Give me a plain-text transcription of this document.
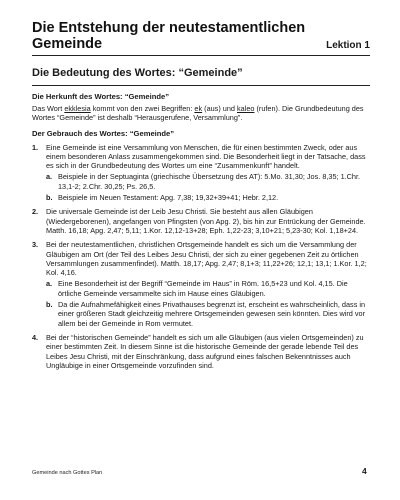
Die Entstehung der neutestamentlichen
Gemeinde	Lektion 1
Die Bedeutung des Wortes: “Gemeinde”
Die Herkunft des Wortes: “Gemeinde”

Das Wort ekklesia kommt von den zwei Begriffen: ek (aus) und kaleo (rufen). Die Grundbedeutung des Wortes “Gemeinde” ist deshalb “Herausgerufene, Versammlung”.

Der Gebrauch des Wortes: “Gemeinde”
1. Eine Gemeinde ist eine Versammlung von Menschen, die für einen bestimmten Zweck, oder aus einem besonderen Anlass zusammengekommen sind. Die Besonderheit liegt in der Tatsache, dass es sich in der Grundbedeutung des Wortes um eine “Zusammenkunft” handelt.
a. Beispiele in der Septuaginta (griechische Übersetzung des AT): 5.Mo. 31,30; Jos. 8,35; 1.Chr. 13,1-2; 2.Chr. 30,25; Ps. 26,5.
b. Beispiele im Neuen Testament: Apg. 7,38; 19,32+39+41; Hebr. 2,12.
2. Die universale Gemeinde ist der Leib Jesu Christi. Sie besteht aus allen Gläubigen (Wiedergeborenen), angefangen von Pfingsten (von Apg. 2), bis hin zur Entrückung der Gemeinde. Matth. 16,18; Apg. 2,47; 5,11; 1.Kor. 12,12-13+28; Eph. 1,22-23; 3,10+21; 5,23-30; Kol. 1,18+24.
3. Bei der neutestamentlichen, christlichen Ortsgemeinde handelt es sich um die Versammlung der Gläubigen am Ort (der Teil des Leibes Jesu Christi, der sich zu einer gegebenen Zeit zu örtlichen Versammlungen zusammenfindet). Matth. 18,17; Apg. 2,47; 8,1+3; 11,22+26; 12,1; 13,1; 1.Kor. 1,2; Kol. 4,16.
a. Eine Besonderheit ist der Begriff “Gemeinde im Haus” in Röm. 16,5+23 und Kol. 4,15. Die örtliche Gemeinde versammelte sich im Hause eines Gläubigen.
b. Da die Aufnahmefähigkeit eines Privathauses begrenzt ist, erscheint es wahrscheinlich, dass in einer größeren Stadt gleichzeitig mehrere Ortsgemeinden gewesen sein könnten. Dies wird vor allem bei der Gemeinde in Rom vermutet.
4. Bei der “historischen Gemeinde” handelt es sich um alle Gläubigen (aus vielen Ortsgemeinden) zu einer bestimmten Zeit. In diesem Sinne ist die historische Gemeinde der gerade lebende Teil des Leibes Jesu Christi, mit der Einschränkung, dass aufgrund eines falschen Bekenntnisses auch Ungläubige in einer Ortsgemeinde vorzufinden sind.
Gemeinde nach Gottes Plan	4
